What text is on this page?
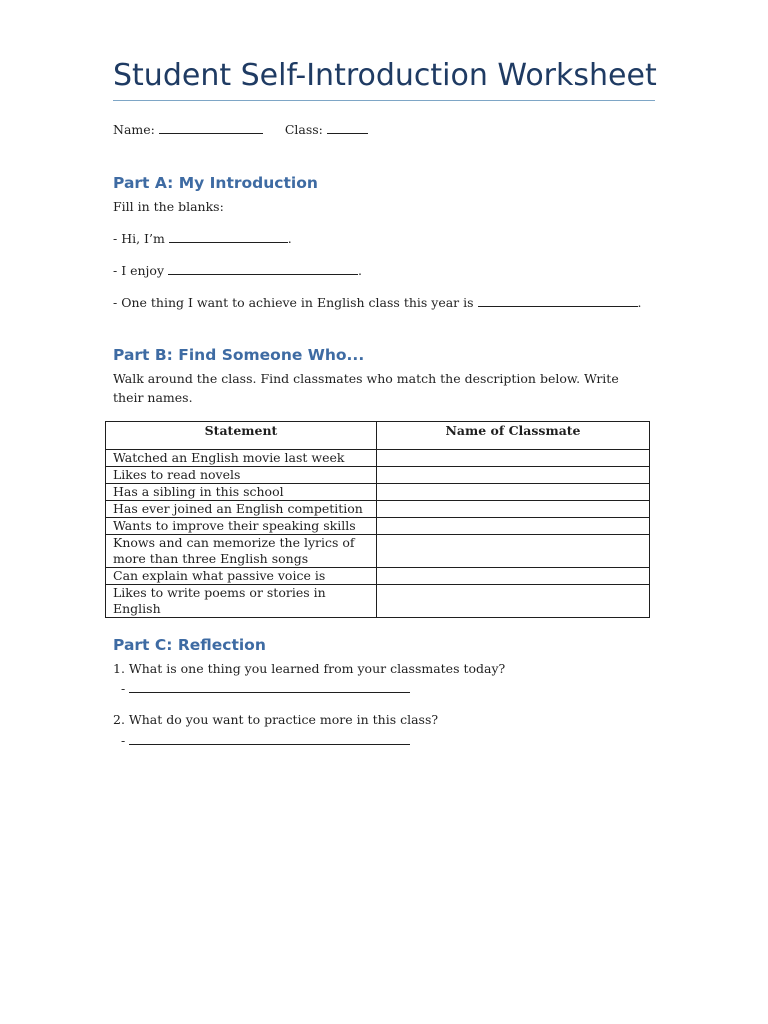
Student Self-Introduction Worksheet
Name:	Class:
Part A: My Introduction
Fill in the blanks:
- Hi, I’m	.
- I enjoy	.
- One thing I want to achieve in English class this year is	.
Part B: Find Someone Who...
Walk around the class. Find classmates who match the description below. Write their names.
Statement	Name of Classmate
Watched an English movie last week	
Likes to read novels	
Has a sibling in this school	
Has ever joined an English competition	
Wants to improve their speaking skills	
Knows and can memorize the lyrics of more than three English songs	
Can explain what passive voice is	
Likes to write poems or stories in English	
Part C: Reflection
1. What is one thing you learned from your classmates today?
-
2. What do you want to practice more in this class?
-
